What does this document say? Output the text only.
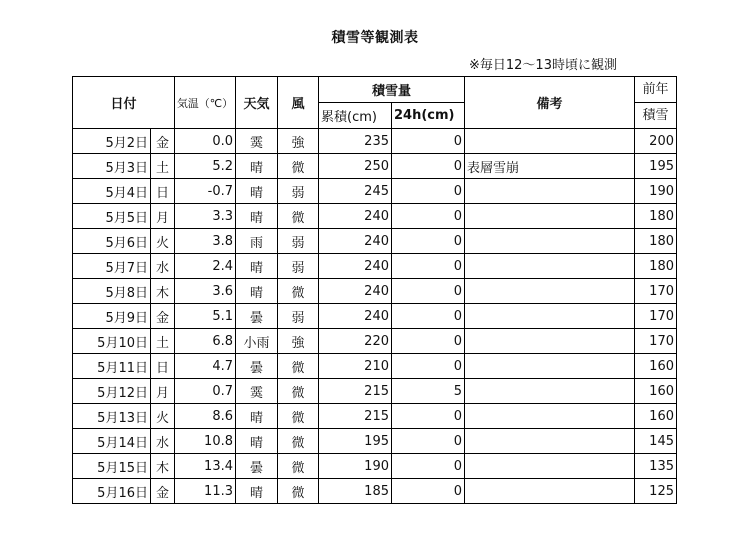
積雪等観測表
※毎日12～13時頃に観測
日付		気温（℃）	天気	風	積雪量		備考	前年
					累積(cm)	24h(cm)		積雪
5月2日	金	0.0	霙	強	235	0		200
5月3日	土	5.2	晴	微	250	0	表層雪崩	195
5月4日	日	-0.7	晴	弱	245	0		190
5月5日	月	3.3	晴	微	240	0		180
5月6日	火	3.8	雨	弱	240	0		180
5月7日	水	2.4	晴	弱	240	0		180
5月8日	木	3.6	晴	微	240	0		170
5月9日	金	5.1	曇	弱	240	0		170
5月10日	土	6.8	小雨	強	220	0		170
5月11日	日	4.7	曇	微	210	0		160
5月12日	月	0.7	霙	微	215	5		160
5月13日	火	8.6	晴	微	215	0		160
5月14日	水	10.8	晴	微	195	0		145
5月15日	木	13.4	曇	微	190	0		135
5月16日	金	11.3	晴	微	185	0		125
